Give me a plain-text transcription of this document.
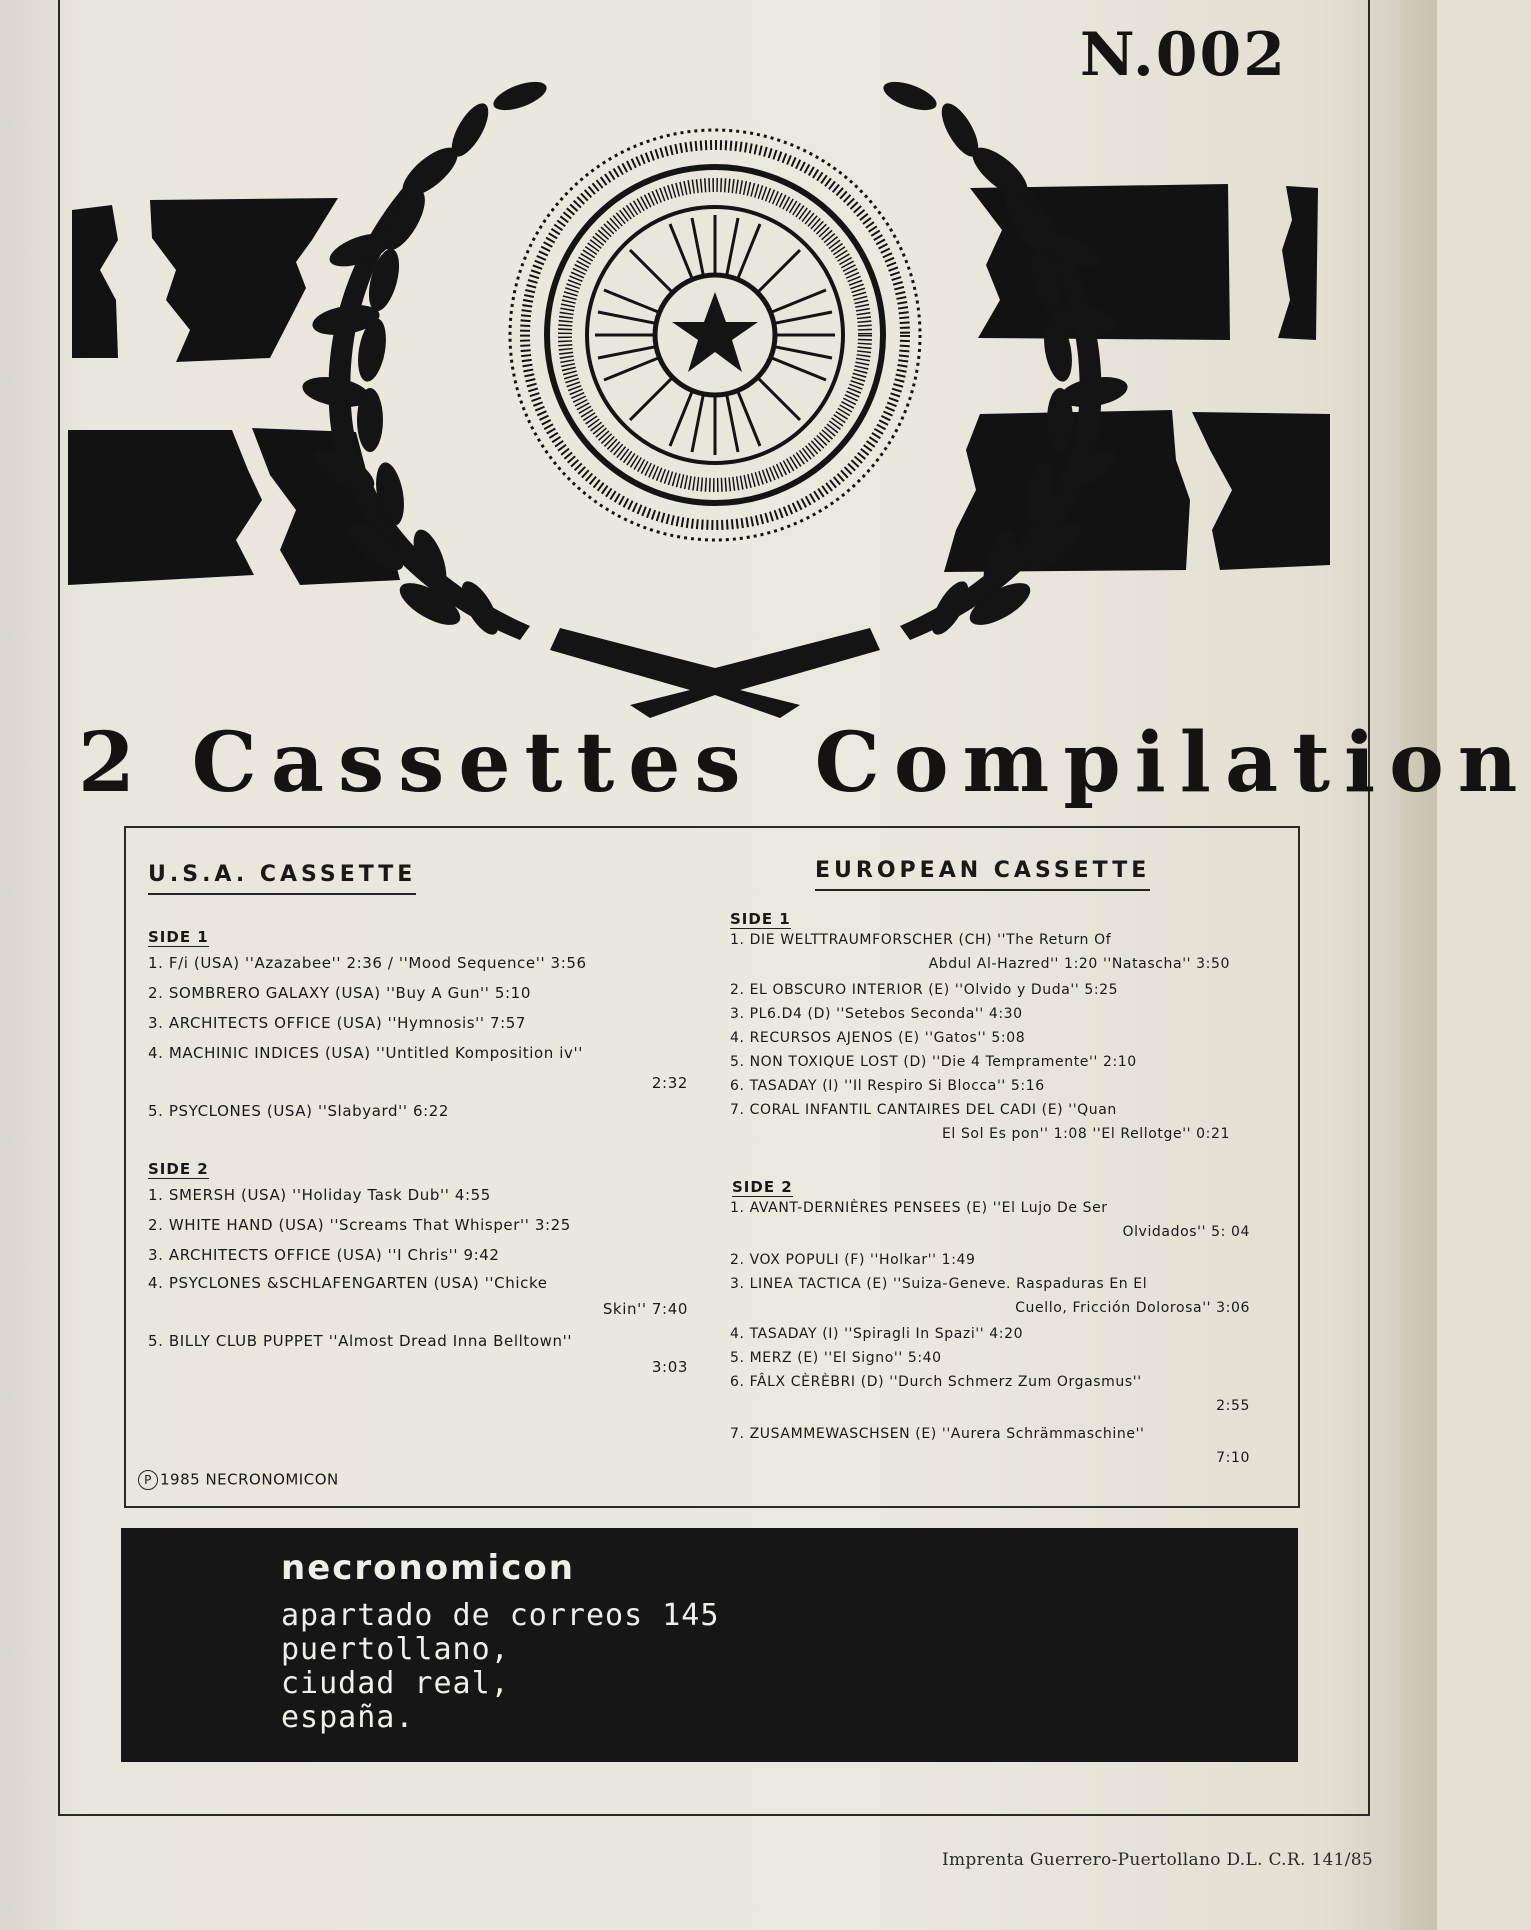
N.002
2 Cassettes Compilation
U.S.A. CASSETTE
SIDE 1
1. F/i (USA) ''Azazabee'' 2:36 / ''Mood Sequence'' 3:56
2. SOMBRERO GALAXY (USA) ''Buy A Gun'' 5:10
3. ARCHITECTS OFFICE (USA) ''Hymnosis'' 7:57
4. MACHINIC INDICES (USA) ''Untitled Komposition iv''
2:32
5. PSYCLONES (USA) ''Slabyard'' 6:22
SIDE 2
1. SMERSH (USA) ''Holiday Task Dub'' 4:55
2. WHITE HAND (USA) ''Screams That Whisper'' 3:25
3. ARCHITECTS OFFICE (USA) ''I Chris'' 9:42
4. PSYCLONES &SCHLAFENGARTEN (USA) ''Chicke
Skin'' 7:40
5. BILLY CLUB PUPPET ''Almost Dread Inna Belltown''
3:03
EUROPEAN CASSETTE
SIDE 1
1. DIE WELTTRAUMFORSCHER (CH) ''The Return Of
Abdul Al-Hazred'' 1:20 ''Natascha'' 3:50
2. EL OBSCURO INTERIOR (E) ''Olvido y Duda'' 5:25
3. PL6.D4 (D) ''Setebos Seconda'' 4:30
4. RECURSOS AJENOS (E) ''Gatos'' 5:08
5. NON TOXIQUE LOST (D) ''Die 4 Tempramente'' 2:10
6. TASADAY (I) ''Il Respiro Si Blocca'' 5:16
7. CORAL INFANTIL CANTAIRES DEL CADI (E) ''Quan
El Sol Es pon'' 1:08 ''El Rellotge'' 0:21
SIDE 2
1. AVANT-DERNIÈRES PENSEES (E) ''El Lujo De Ser
Olvidados'' 5: 04
2. VOX POPULI (F) ''Holkar'' 1:49
3. LINEA TACTICA (E) ''Suiza-Geneve. Raspaduras En El
Cuello, Fricción Dolorosa'' 3:06
4. TASADAY (I) ''Spiragli In Spazi'' 4:20
5. MERZ (E) ''El Signo'' 5:40
6. FÂLX CÈRÈBRI (D) ''Durch Schmerz Zum Orgasmus''
2:55
7. ZUSAMMEWASCHSEN (E) ''Aurera Schrämmaschine''
7:10
P 1985 NECRONOMICON
necronomicon
apartado de correos 145
puertollano,
ciudad real,
españa.
Imprenta Guerrero-Puertollano D.L. C.R. 141/85
